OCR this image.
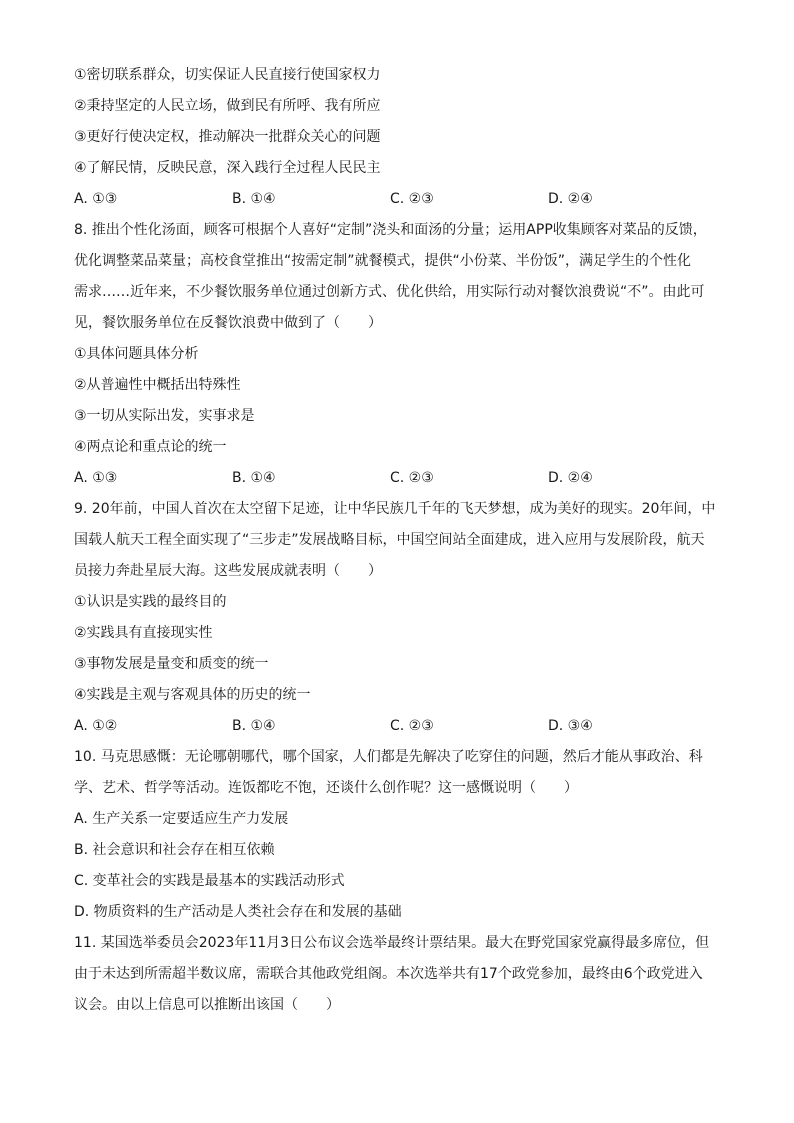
①密切联系群众，切实保证人民直接行使国家权力
②秉持坚定的人民立场，做到民有所呼、我有所应
③更好行使决定权，推动解决一批群众关心的问题
④了解民情，反映民意，深入践行全过程人民民主
A. ①③	B. ①④	C. ②③	D. ②④
8. 推出个性化汤面，顾客可根据个人喜好“定制”浇头和面汤的分量；运用APP收集顾客对菜品的反馈，
优化调整菜品菜量；高校食堂推出“按需定制”就餐模式，提供“小份菜、半份饭”，满足学生的个性化
需求……近年来，不少餐饮服务单位通过创新方式、优化供给，用实际行动对餐饮浪费说“不”。由此可
见，餐饮服务单位在反餐饮浪费中做到了（　　）
①具体问题具体分析
②从普遍性中概括出特殊性
③一切从实际出发，实事求是
④两点论和重点论的统一
A. ①③	B. ①④	C. ②③	D. ②④
9. 20年前，中国人首次在太空留下足迹，让中华民族几千年的飞天梦想，成为美好的现实。20年间，中
国载人航天工程全面实现了“三步走”发展战略目标，中国空间站全面建成，进入应用与发展阶段，航天
员接力奔赴星辰大海。这些发展成就表明（　　）
①认识是实践的最终目的
②实践具有直接现实性
③事物发展是量变和质变的统一
④实践是主观与客观具体的历史的统一
A. ①②	B. ①④	C. ②③	D. ③④
10. 马克思感慨：无论哪朝哪代，哪个国家，人们都是先解决了吃穿住的问题，然后才能从事政治、科
学、艺术、哲学等活动。连饭都吃不饱，还谈什么创作呢？这一感慨说明（　　）
A. 生产关系一定要适应生产力发展
B. 社会意识和社会存在相互依赖
C. 变革社会的实践是最基本的实践活动形式
D. 物质资料的生产活动是人类社会存在和发展的基础
11. 某国选举委员会2023年11月3日公布议会选举最终计票结果。最大在野党国家党赢得最多席位，但
由于未达到所需超半数议席，需联合其他政党组阁。本次选举共有17个政党参加，最终由6个政党进入
议会。由以上信息可以推断出该国（　　）
